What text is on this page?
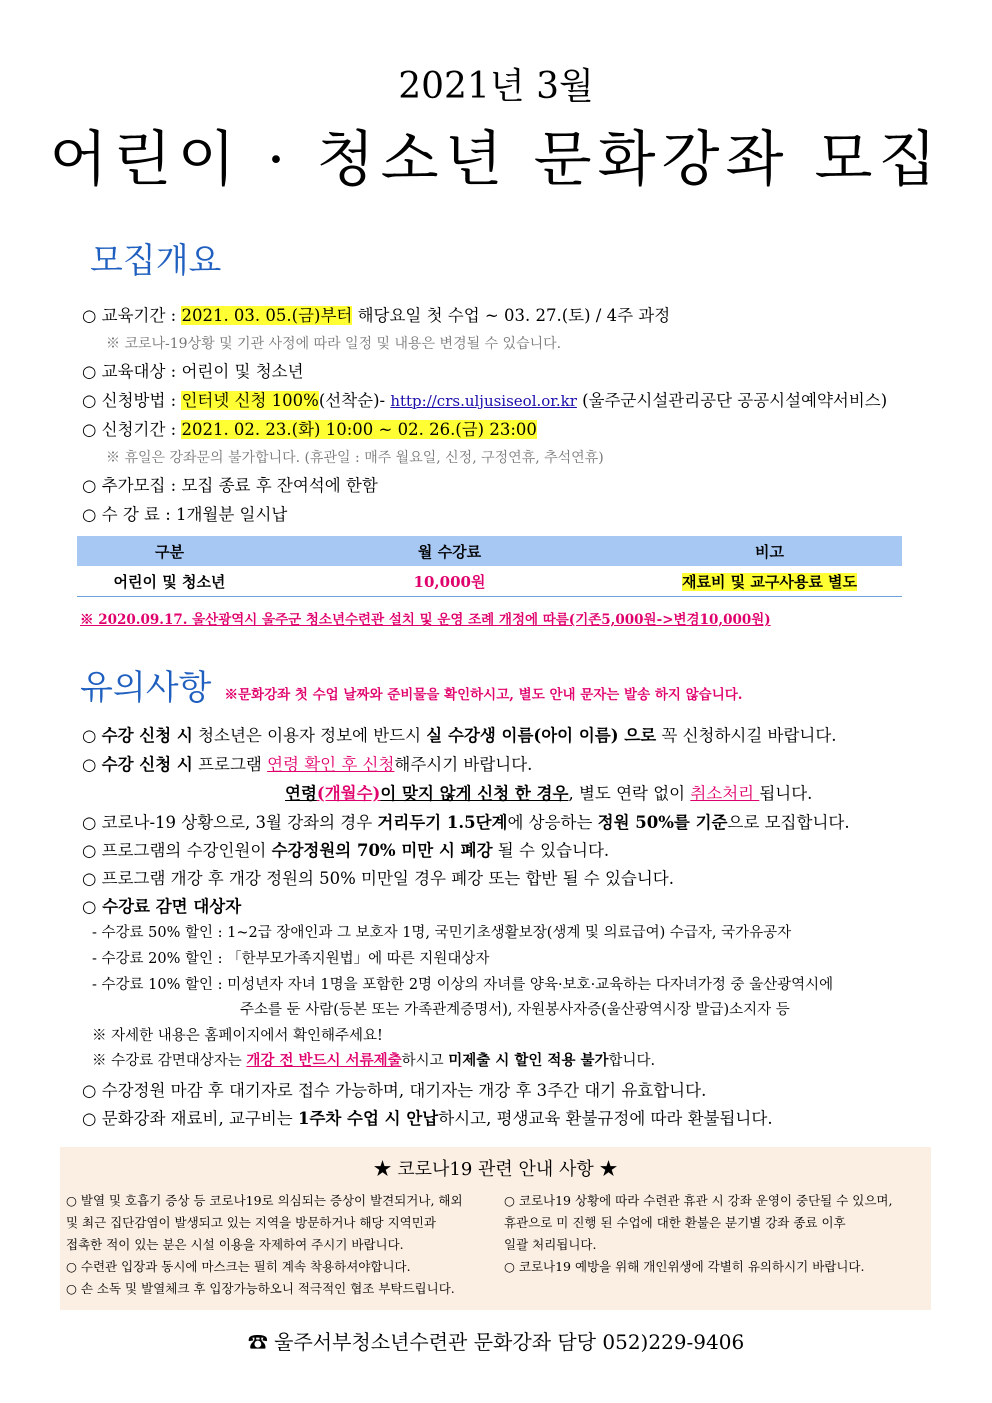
2021년 3월
어린이 · 청소년 문화강좌 모집
모집개요
○ 교육기간 : 2021. 03. 05.(금)부터 해당요일 첫 수업 ~ 03. 27.(토) / 4주 과정
※ 코로나-19상황 및 기관 사정에 따라 일정 및 내용은 변경될 수 있습니다.
○ 교육대상 : 어린이 및 청소년
○ 신청방법 : 인터넷 신청 100%(선착순)- http://crs.uljusiseol.or.kr (울주군시설관리공단 공공시설예약서비스)
○ 신청기간 : 2021. 02. 23.(화) 10:00 ~ 02. 26.(금) 23:00
※ 휴일은 강좌문의 불가합니다. (휴관일 : 매주 월요일, 신정, 구정연휴, 추석연휴)
○ 추가모집 : 모집 종료 후 잔여석에 한함
○ 수 강 료 : 1개월분 일시납
구분	월 수강료	비고
어린이 및 청소년	10,000원	재료비 및 교구사용료 별도
※ 2020.09.17. 울산광역시 울주군 청소년수련관 설치 및 운영 조례 개정에 따름(기존5,000원->변경10,000원)
유의사항 ※문화강좌 첫 수업 날짜와 준비물을 확인하시고, 별도 안내 문자는 발송 하지 않습니다.
○ 수강 신청 시 청소년은 이용자 정보에 반드시 실 수강생 이름(아이 이름) 으로 꼭 신청하시길 바랍니다.
○ 수강 신청 시 프로그램 연령 확인 후 신청해주시기 바랍니다.
연령(개월수)이 맞지 않게 신청 한 경우, 별도 연락 없이 취소처리 됩니다.
○ 코로나-19 상황으로, 3월 강좌의 경우 거리두기 1.5단계에 상응하는 정원 50%를 기준으로 모집합니다.
○ 프로그램의 수강인원이 수강정원의 70% 미만 시 폐강 될 수 있습니다.
○ 프로그램 개강 후 개강 정원의 50% 미만일 경우 폐강 또는 합반 될 수 있습니다.
○ 수강료 감면 대상자
- 수강료 50% 할인 : 1~2급 장애인과 그 보호자 1명, 국민기초생활보장(생계 및 의료급여) 수급자, 국가유공자
- 수강료 20% 할인 : 「한부모가족지원법」에 따른 지원대상자
- 수강료 10% 할인 : 미성년자 자녀 1명을 포함한 2명 이상의 자녀를 양육·보호·교육하는 다자녀가정 중 울산광역시에
주소를 둔 사람(등본 또는 가족관계증명서), 자원봉사자증(울산광역시장 발급)소지자 등
※ 자세한 내용은 홈페이지에서 확인해주세요!
※ 수강료 감면대상자는 개강 전 반드시 서류제출하시고 미제출 시 할인 적용 불가합니다.
○ 수강정원 마감 후 대기자로 접수 가능하며, 대기자는 개강 후 3주간 대기 유효합니다.
○ 문화강좌 재료비, 교구비는 1주차 수업 시 안납하시고, 평생교육 환불규정에 따라 환불됩니다.
★ 코로나19 관련 안내 사항 ★
○ 발열 및 호흡기 증상 등 코로나19로 의심되는 증상이 발견되거나, 해외
및 최근 집단감염이 발생되고 있는 지역을 방문하거나 해당 지역민과
접촉한 적이 있는 분은 시설 이용을 자제하여 주시기 바랍니다.
○ 수련관 입장과 동시에 마스크는 필히 계속 착용하셔야합니다.
○ 손 소독 및 발열체크 후 입장가능하오니 적극적인 협조 부탁드립니다.
○ 코로나19 상황에 따라 수련관 휴관 시 강좌 운영이 중단될 수 있으며,
휴관으로 미 진행 된 수업에 대한 환불은 분기별 강좌 종료 이후
일괄 처리됩니다.
○ 코로나19 예방을 위해 개인위생에 각별히 유의하시기 바랍니다.
☎ 울주서부청소년수련관 문화강좌 담당 052)229-9406
